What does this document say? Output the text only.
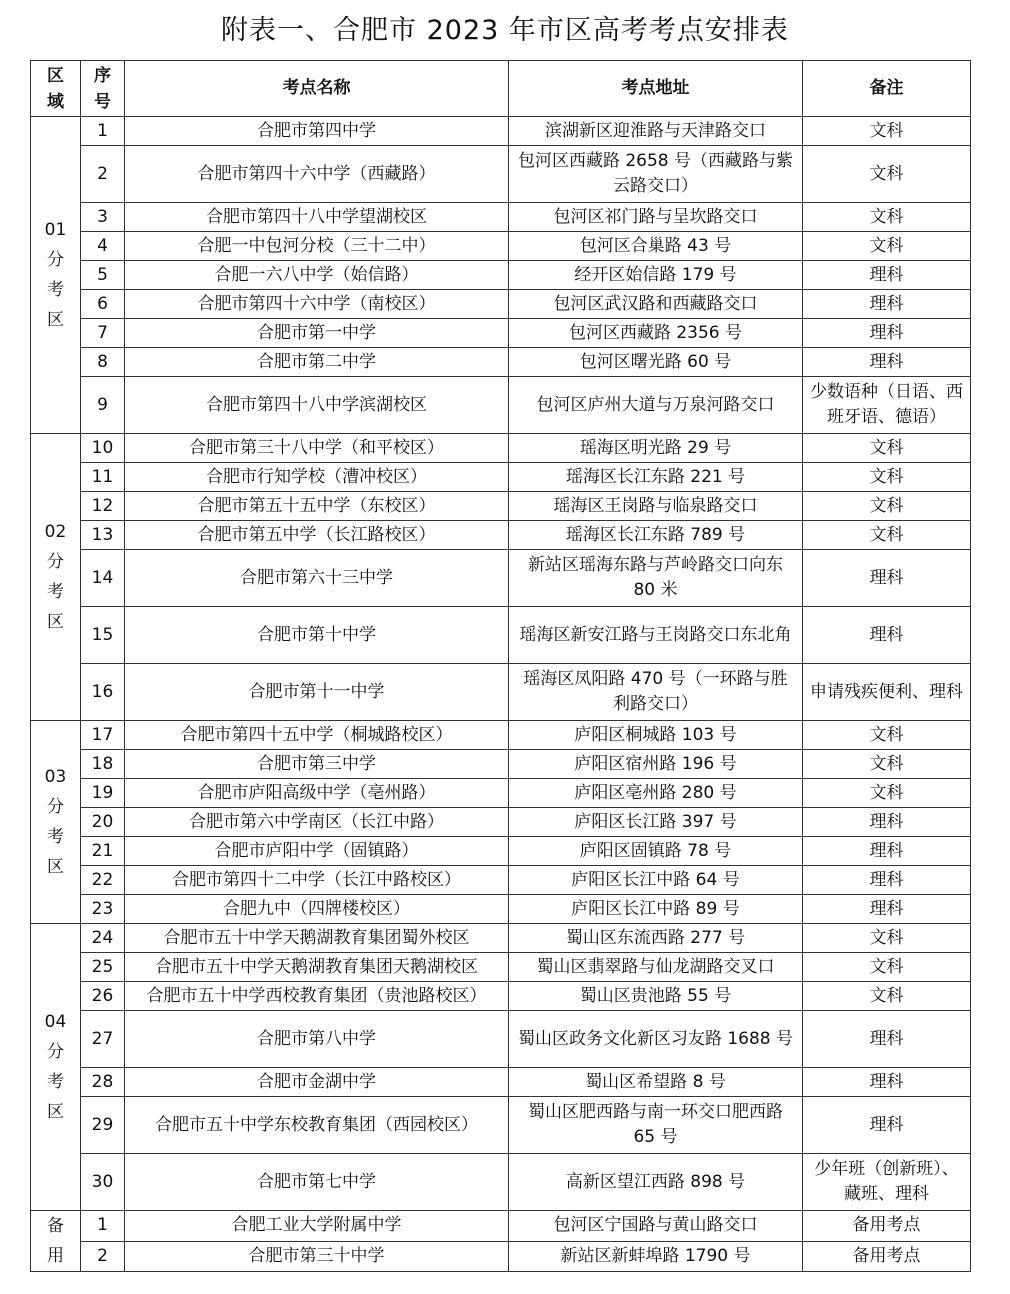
附表一、合肥市 2023 年市区高考考点安排表
区域	序号	考点名称	考点地址	备注

01分考区	1	合肥市第四中学	滨湖新区迎淮路与天津路交口	文科
	2	合肥市第四十六中学（西藏路）	包河区西藏路 2658 号（西藏路与紫云路交口）	文科
	3	合肥市第四十八中学望湖校区	包河区祁门路与呈坎路交口	文科
	4	合肥一中包河分校（三十二中）	包河区合巢路 43 号	文科
	5	合肥一六八中学（始信路）	经开区始信路 179 号	理科
	6	合肥市第四十六中学（南校区）	包河区武汉路和西藏路交口	理科
	7	合肥市第一中学	包河区西藏路 2356 号	理科
	8	合肥市第二中学	包河区曙光路 60 号	理科
	9	合肥市第四十八中学滨湖校区	包河区庐州大道与万泉河路交口	少数语种（日语、西班牙语、德语）

02分考区	10	合肥市第三十八中学（和平校区）	瑶海区明光路 29 号	文科
	11	合肥市行知学校（漕冲校区）	瑶海区长江东路 221 号	文科
	12	合肥市第五十五中学（东校区）	瑶海区王岗路与临泉路交口	文科
	13	合肥市第五中学（长江路校区）	瑶海区长江东路 789 号	文科
	14	合肥市第六十三中学	新站区瑶海东路与芦岭路交口向东 80 米	理科
	15	合肥市第十中学	瑶海区新安江路与王岗路交口东北角	理科
	16	合肥市第十一中学	瑶海区凤阳路 470 号（一环路与胜利路交口）	申请残疾便利、理科

03分考区	17	合肥市第四十五中学（桐城路校区）	庐阳区桐城路 103 号	文科
	18	合肥市第三中学	庐阳区宿州路 196 号	文科
	19	合肥市庐阳高级中学（亳州路）	庐阳区亳州路 280 号	文科
	20	合肥市第六中学南区（长江中路）	庐阳区长江路 397 号	理科
	21	合肥市庐阳中学（固镇路）	庐阳区固镇路 78 号	理科
	22	合肥市第四十二中学（长江中路校区）	庐阳区长江中路 64 号	理科
	23	合肥九中（四牌楼校区）	庐阳区长江中路 89 号	理科

04分考区	24	合肥市五十中学天鹅湖教育集团蜀外校区	蜀山区东流西路 277 号	文科
	25	合肥市五十中学天鹅湖教育集团天鹅湖校区	蜀山区翡翠路与仙龙湖路交叉口	文科
	26	合肥市五十中学西校教育集团（贵池路校区）	蜀山区贵池路 55 号	文科
	27	合肥市第八中学	蜀山区政务文化新区习友路 1688 号	理科
	28	合肥市金湖中学	蜀山区希望路 8 号	理科
	29	合肥市五十中学东校教育集团（西园校区）	蜀山区肥西路与南一环交口肥西路 65 号	理科
	30	合肥市第七中学	高新区望江西路 898 号	少年班（创新班）、藏班、理科

备用	1	合肥工业大学附属中学	包河区宁国路与黄山路交口	备用考点
	2	合肥市第三十中学	新站区新蚌埠路 1790 号	备用考点
